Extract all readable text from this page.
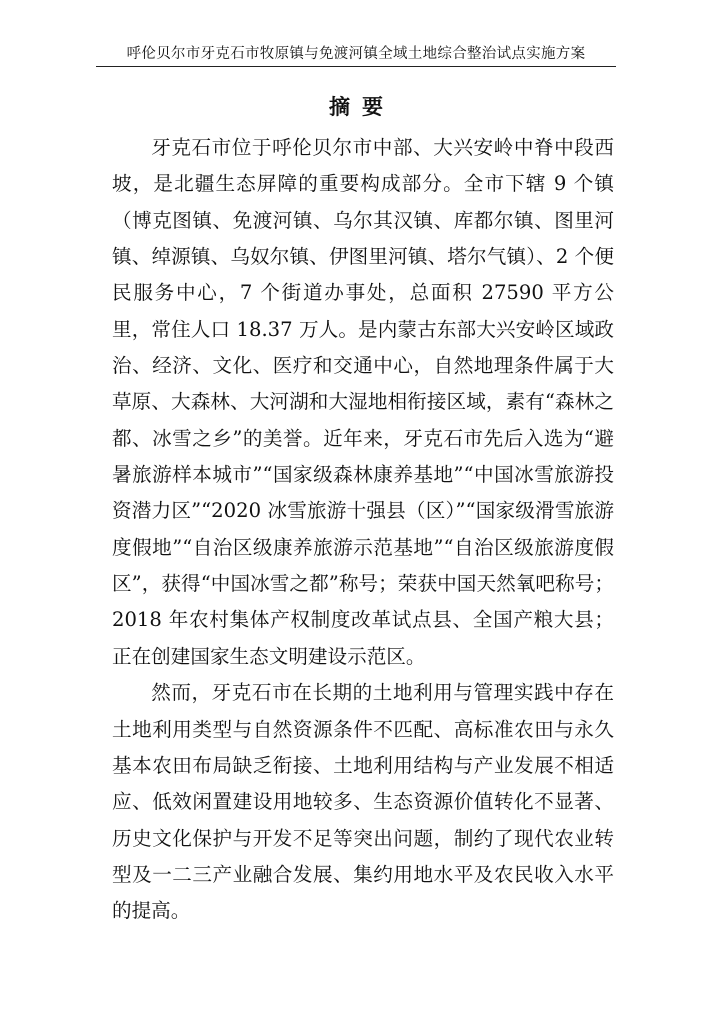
呼伦贝尔市牙克石市牧原镇与免渡河镇全域土地综合整治试点实施方案
摘要

牙克石市位于呼伦贝尔市中部、大兴安岭中脊中段西坡，是北疆生态屏障的重要构成部分。全市下辖 9 个镇（博克图镇、免渡河镇、乌尔其汉镇、库都尔镇、图里河镇、绰源镇、乌奴尔镇、伊图里河镇、塔尔气镇）、2 个便民服务中心，7 个街道办事处，总面积 27590 平方公里，常住人口 18.37 万人。是内蒙古东部大兴安岭区域政治、经济、文化、医疗和交通中心，自然地理条件属于大草原、大森林、大河湖和大湿地相衔接区域，素有“森林之都、冰雪之乡”的美誉。近年来，牙克石市先后入选为“避暑旅游样本城市”“国家级森林康养基地”“中国冰雪旅游投资潜力区”“2020 冰雪旅游十强县（区）”“国家级滑雪旅游度假地”“自治区级康养旅游示范基地”“自治区级旅游度假区”，获得“中国冰雪之都”称号；荣获中国天然氧吧称号；2018 年农村集体产权制度改革试点县、全国产粮大县；正在创建国家生态文明建设示范区。

然而，牙克石市在长期的土地利用与管理实践中存在土地利用类型与自然资源条件不匹配、高标准农田与永久基本农田布局缺乏衔接、土地利用结构与产业发展不相适应、低效闲置建设用地较多、生态资源价值转化不显著、历史文化保护与开发不足等突出问题，制约了现代农业转型及一二三产业融合发展、集约用地水平及农民收入水平的提高。
